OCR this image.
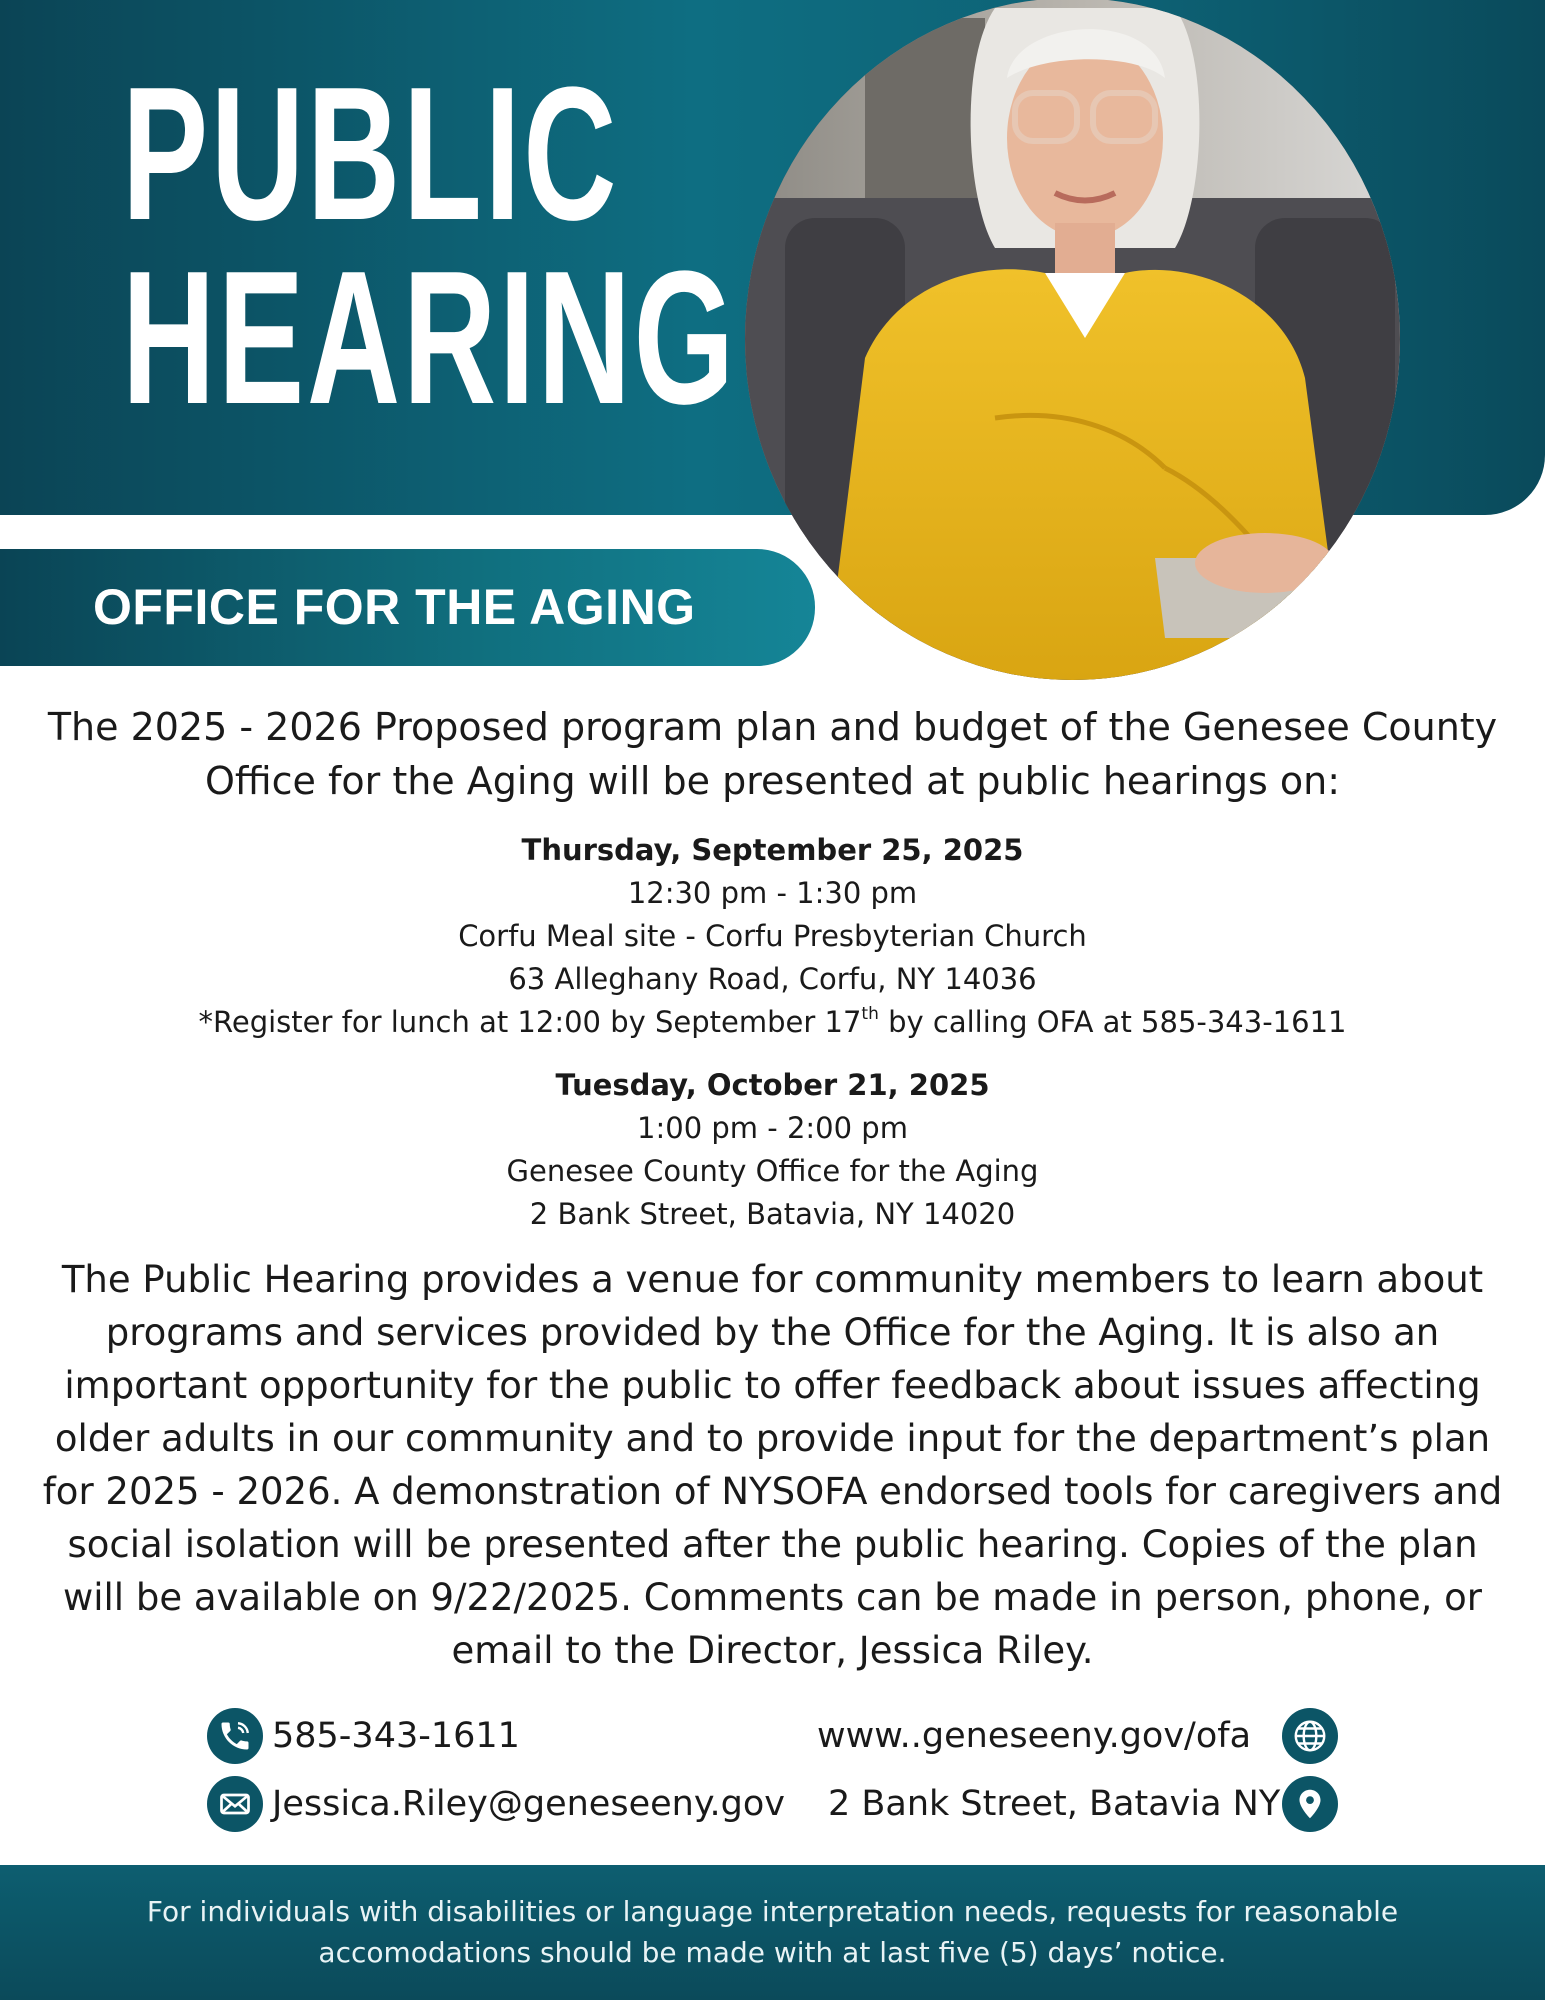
PUBLIC
HEARING
OFFICE FOR THE AGING

The 2025 - 2026 Proposed program plan and budget of the Genesee County Office for the Aging will be presented at public hearings on:

Thursday, September 25, 2025
12:30 pm - 1:30 pm
Corfu Meal site - Corfu Presbyterian Church
63 Alleghany Road, Corfu, NY 14036
*Register for lunch at 12:00 by September 17th by calling OFA at 585-343-1611
Tuesday, October 21, 2025
1:00 pm - 2:00 pm
Genesee County Office for the Aging
2 Bank Street, Batavia, NY 14020

The Public Hearing provides a venue for community members to learn about programs and services provided by the Office for the Aging. It is also an important opportunity for the public to offer feedback about issues affecting older adults in our community and to provide input for the department’s plan for 2025 - 2026. A demonstration of NYSOFA endorsed tools for caregivers and social isolation will be presented after the public hearing. Copies of the plan will be available on 9/22/2025. Comments can be made in person, phone, or email to the Director, Jessica Riley.

585-343-1611	www..geneseeny.gov/ofa
Jessica.Riley@geneseeny.gov 2 Bank Street, Batavia NY

For individuals with disabilities or language interpretation needs, requests for reasonable accomodations should be made with at last five (5) days’ notice.
